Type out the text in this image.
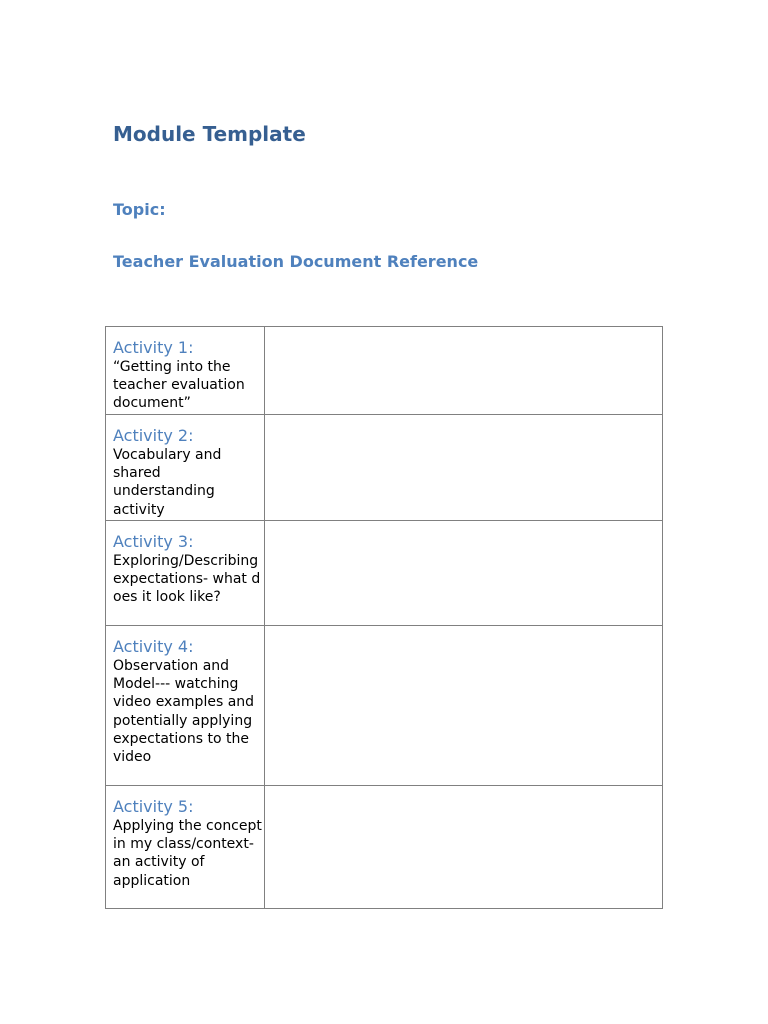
Module Template
Topic:
Teacher Evaluation Document Reference
Activity 1:
“Getting into the teacher evaluation document”	

Activity 2:
Vocabulary and shared understanding activity	

Activity 3:
Exploring/Describing expectations- what does it look like?	

Activity 4:
Observation and Model--- watching video examples and potentially applying expectations to the video	

Activity 5:
Applying the concept in my class/context- an activity of application	
